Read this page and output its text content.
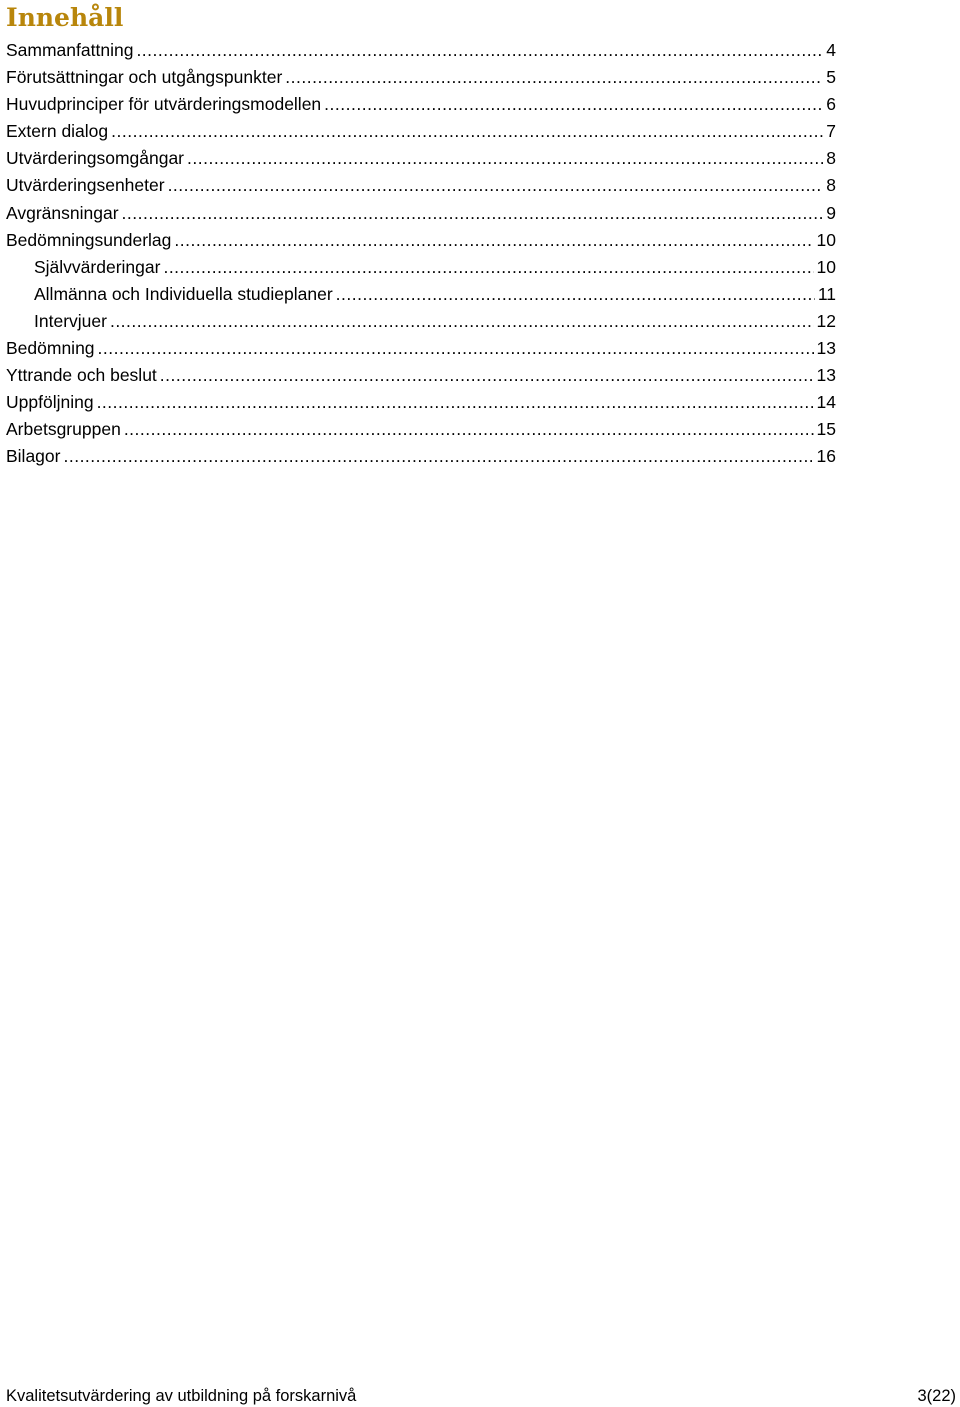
Innehåll
Sammanfattning .....	4
Förutsättningar och utgångspunkter .....	5
Huvudprinciper för utvärderingsmodellen .....	6
Extern dialog .....	7
Utvärderingsomgångar .....	8
Utvärderingsenheter .....	8
Avgränsningar .....	9
Bedömningsunderlag .....	10
Självvärderingar .....	10
Allmänna och Individuella studieplaner .....	11
Intervjuer .....	12
Bedömning .....	13
Yttrande och beslut .....	13
Uppföljning .....	14
Arbetsgruppen .....	15
Bilagor .....	16
Kvalitetsutvärdering av utbildning på forskarnivå	3(22)
